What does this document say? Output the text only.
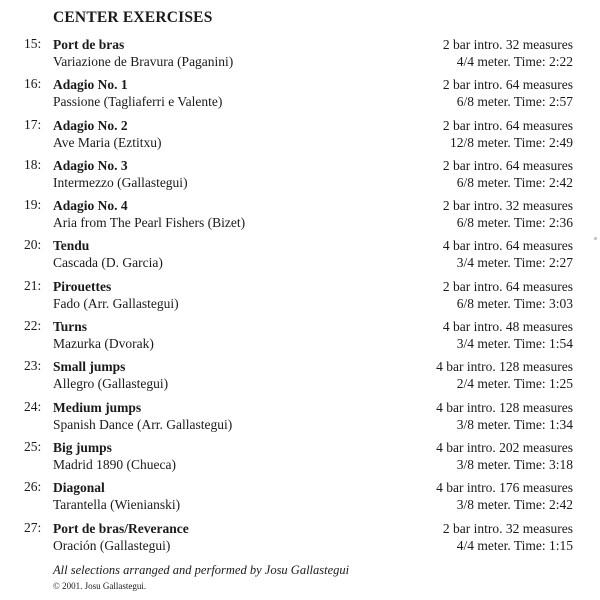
CENTER EXERCISES
15: Port de bras
Variazione de Bravura (Paganini)
2 bar intro. 32 measures
4/4 meter. Time: 2:22
16: Adagio No. 1
Passione (Tagliaferri e Valente)
2 bar intro. 64 measures
6/8 meter. Time: 2:57
17: Adagio No. 2
Ave Maria (Eztitxu)
2 bar intro. 64 measures
12/8 meter. Time: 2:49
18: Adagio No. 3
Intermezzo (Gallastegui)
2 bar intro. 64 measures
6/8 meter. Time: 2:42
19: Adagio No. 4
Aria from The Pearl Fishers (Bizet)
2 bar intro. 32 measures
6/8 meter. Time: 2:36
20: Tendu
Cascada (D. Garcia)
4 bar intro. 64 measures
3/4 meter. Time: 2:27
21: Pirouettes
Fado (Arr. Gallastegui)
2 bar intro. 64 measures
6/8 meter. Time: 3:03
22: Turns
Mazurka (Dvorak)
4 bar intro. 48 measures
3/4 meter. Time: 1:54
23: Small jumps
Allegro (Gallastegui)
4 bar intro. 128 measures
2/4 meter. Time: 1:25
24: Medium jumps
Spanish Dance (Arr. Gallastegui)
4 bar intro. 128 measures
3/8 meter. Time: 1:34
25: Big jumps
Madrid 1890 (Chueca)
4 bar intro. 202 measures
3/8 meter. Time: 3:18
26: Diagonal
Tarantella (Wienianski)
4 bar intro. 176 measures
3/8 meter. Time: 2:42
27: Port de bras/Reverance
Oración (Gallastegui)
2 bar intro. 32 measures
4/4 meter. Time: 1:15
All selections arranged and performed by Josu Gallastegui
© 2001. Josu Gallastegui.
